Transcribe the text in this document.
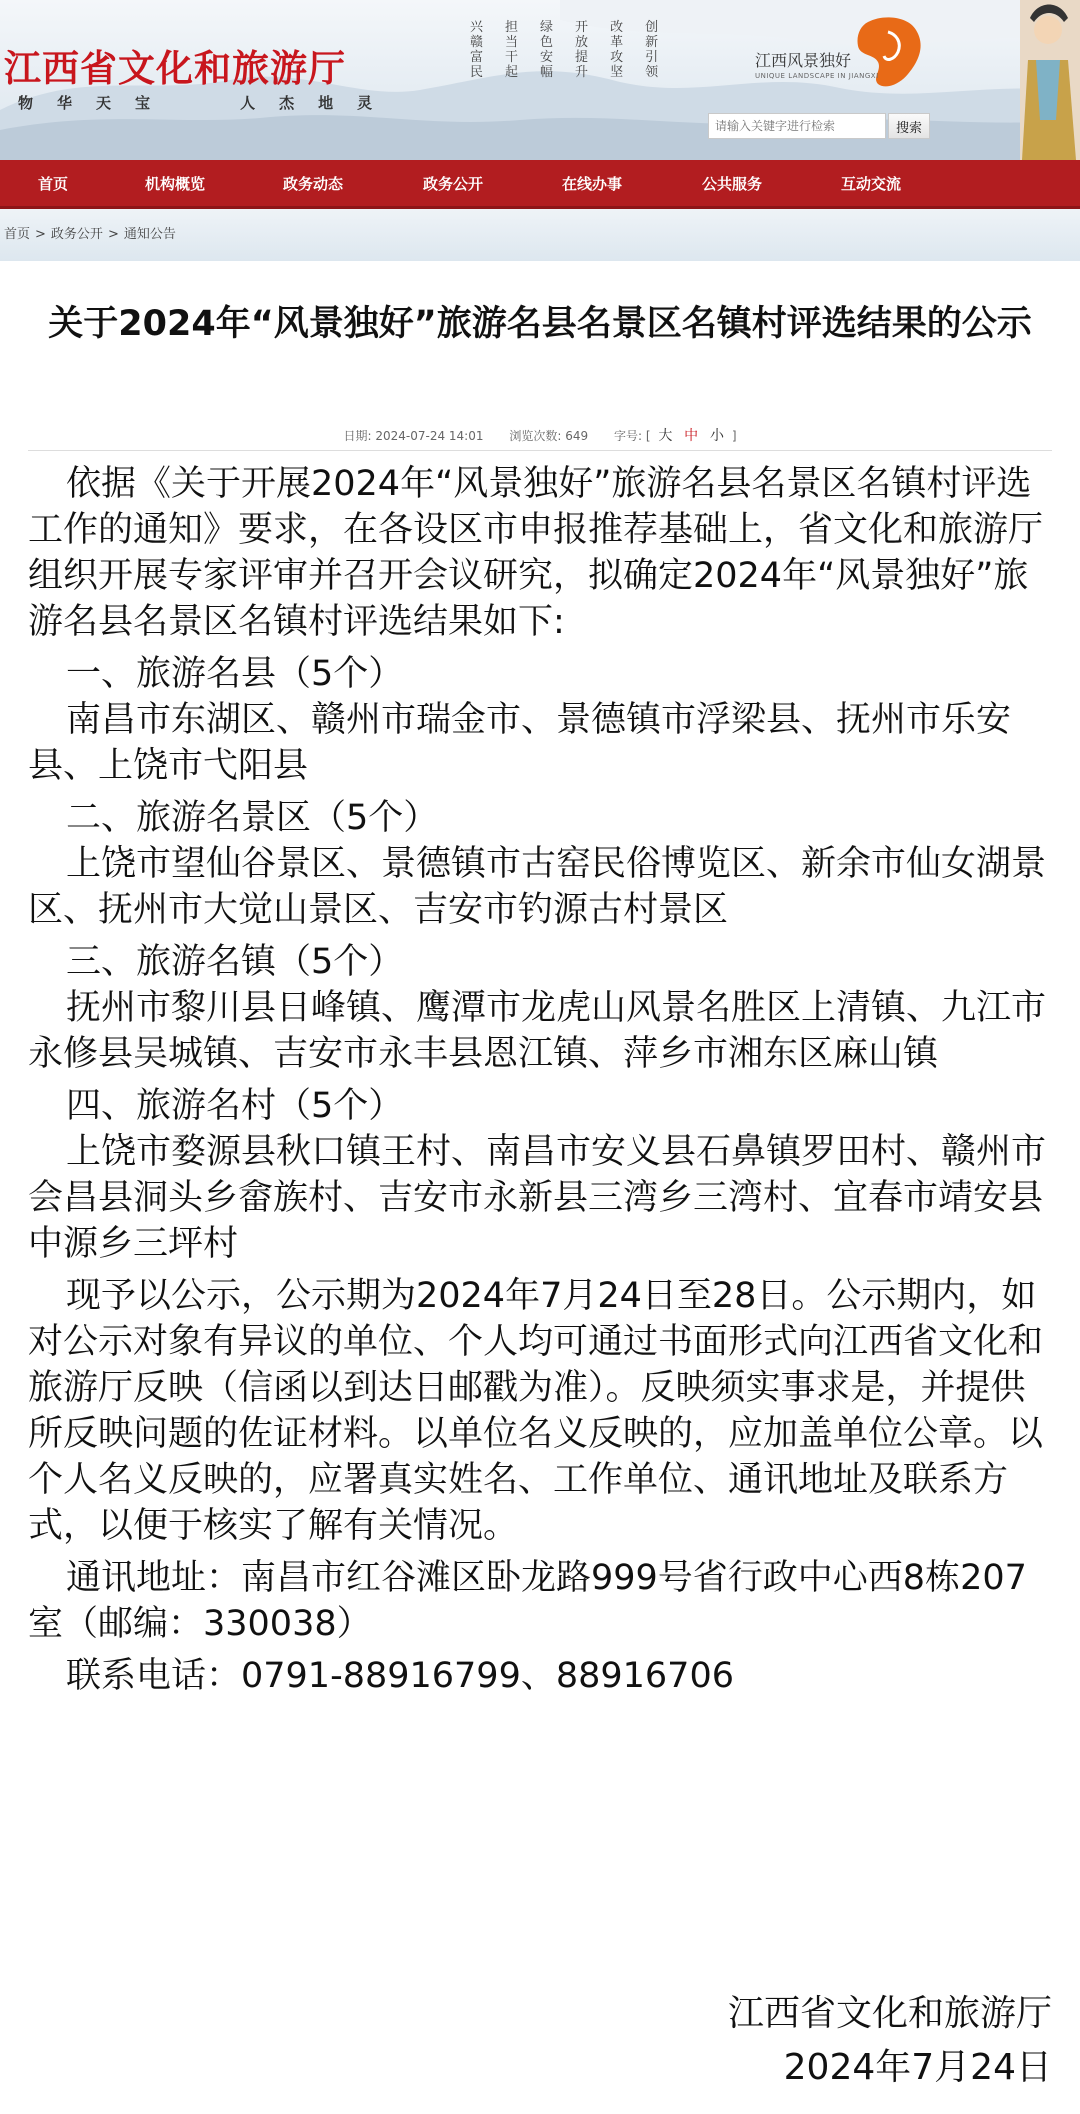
江西省文化和旅游厅
物 华 天 宝	人 杰 地 灵
兴
赣
富
民

担
当
干
起

绿
色
安
幅

开
放
提
升

改
革
攻
坚

创
新
引
领

江西风景独好
UNIQUE LANDSCAPE IN JIANGXI
请输入关键字进行检索
搜索
首页	机构概览	政务动态	政务公开	在线办事	公共服务	互动交流
首页 > 政务公开 > 通知公告
关于2024年“风景独好”旅游名县名景区名镇村评选结果的公示
日期: 2024-07-24 14:01 浏览次数: 649 字号: [ 大 中 小 ]

依据《关于开展2024年“风景独好”旅游名县名景区名镇村评选工作的通知》要求，在各设区市申报推荐基础上，省文化和旅游厅组织开展专家评审并召开会议研究，拟确定2024年“风景独好”旅游名县名景区名镇村评选结果如下:

一、旅游名县（5个）

南昌市东湖区、赣州市瑞金市、景德镇市浮梁县、抚州市乐安县、上饶市弋阳县

二、旅游名景区（5个）

上饶市望仙谷景区、景德镇市古窑民俗博览区、新余市仙女湖景区、抚州市大觉山景区、吉安市钓源古村景区

三、旅游名镇（5个）

抚州市黎川县日峰镇、鹰潭市龙虎山风景名胜区上清镇、九江市永修县吴城镇、吉安市永丰县恩江镇、萍乡市湘东区麻山镇

四、旅游名村（5个）

上饶市婺源县秋口镇王村、南昌市安义县石鼻镇罗田村、赣州市会昌县洞头乡畲族村、吉安市永新县三湾乡三湾村、宜春市靖安县中源乡三坪村

现予以公示，公示期为2024年7月24日至28日。公示期内，如对公示对象有异议的单位、个人均可通过书面形式向江西省文化和旅游厅反映（信函以到达日邮戳为准）。反映须实事求是，并提供所反映问题的佐证材料。以单位名义反映的，应加盖单位公章。以个人名义反映的，应署真实姓名、工作单位、通讯地址及联系方式，以便于核实了解有关情况。

通讯地址：南昌市红谷滩区卧龙路999号省行政中心西8栋207室（邮编：330038）

联系电话：0791-88916799、88916706

江西省文化和旅游厅
2024年7月24日
